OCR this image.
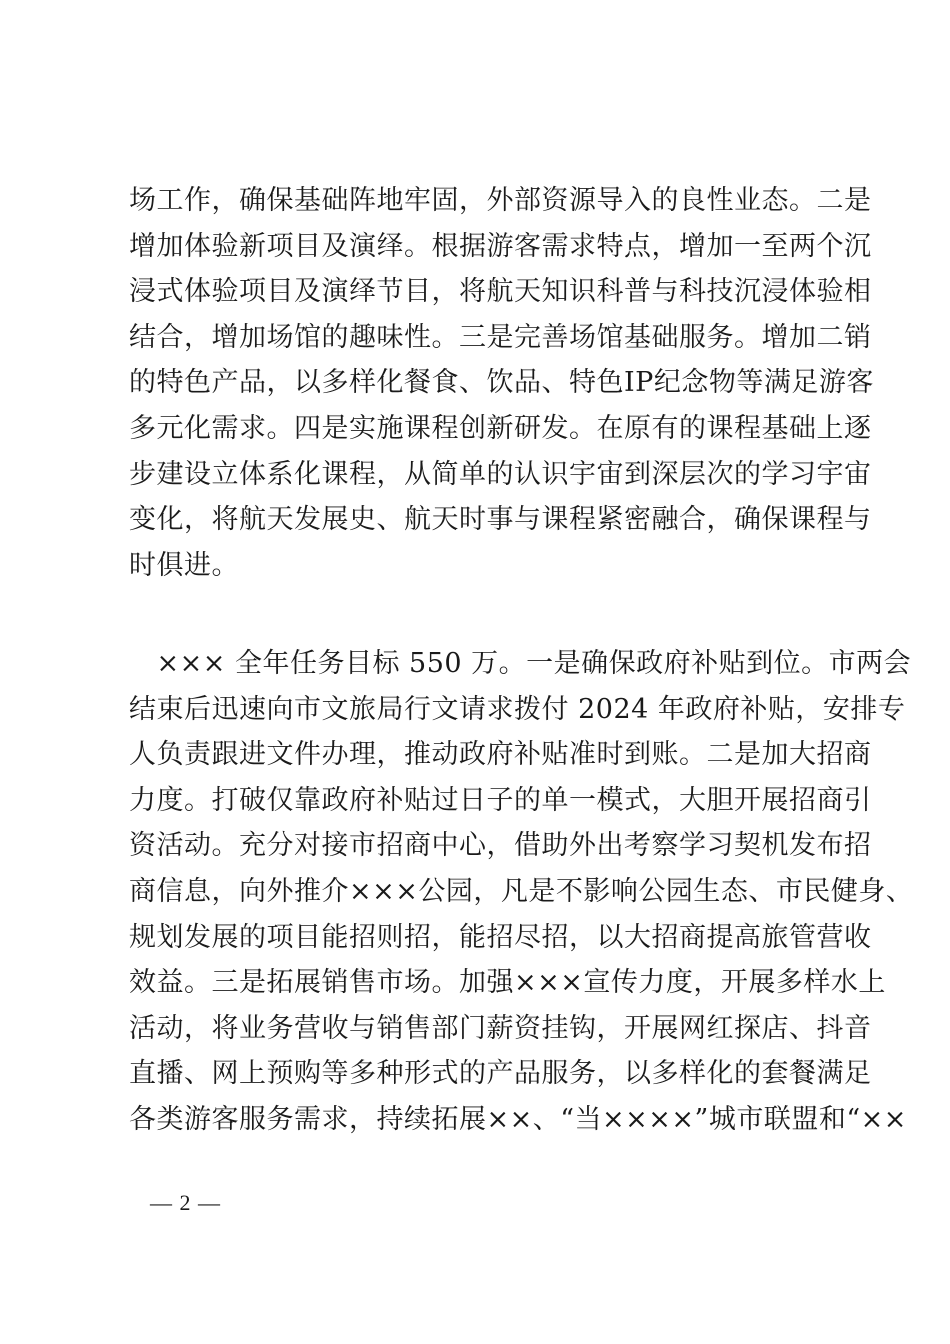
场工作，确保基础阵地牢固，外部资源导入的良性业态。二是
增加体验新项目及演绎。根据游客需求特点，增加一至两个沉
浸式体验项目及演绎节目，将航天知识科普与科技沉浸体验相
结合，增加场馆的趣味性。三是完善场馆基础服务。增加二销
的特色产品，以多样化餐食、饮品、特色IP纪念物等满足游客
多元化需求。四是实施课程创新研发。在原有的课程基础上逐
步建设立体系化课程，从简单的认识宇宙到深层次的学习宇宙
变化，将航天发展史、航天时事与课程紧密融合，确保课程与
时俱进。
　××× 全年任务目标 550 万。一是确保政府补贴到位。市两会
结束后迅速向市文旅局行文请求拨付 2024 年政府补贴，安排专
人负责跟进文件办理，推动政府补贴准时到账。二是加大招商
力度。打破仅靠政府补贴过日子的单一模式，大胆开展招商引
资活动。充分对接市招商中心，借助外出考察学习契机发布招
商信息，向外推介×××公园，凡是不影响公园生态、市民健身、
规划发展的项目能招则招，能招尽招，以大招商提高旅管营收
效益。三是拓展销售市场。加强×××宣传力度，开展多样水上
活动，将业务营收与销售部门薪资挂钩，开展网红探店、抖音
直播、网上预购等多种形式的产品服务，以多样化的套餐满足
各类游客服务需求，持续拓展××、“当××××”城市联盟和“××
— 2 —
